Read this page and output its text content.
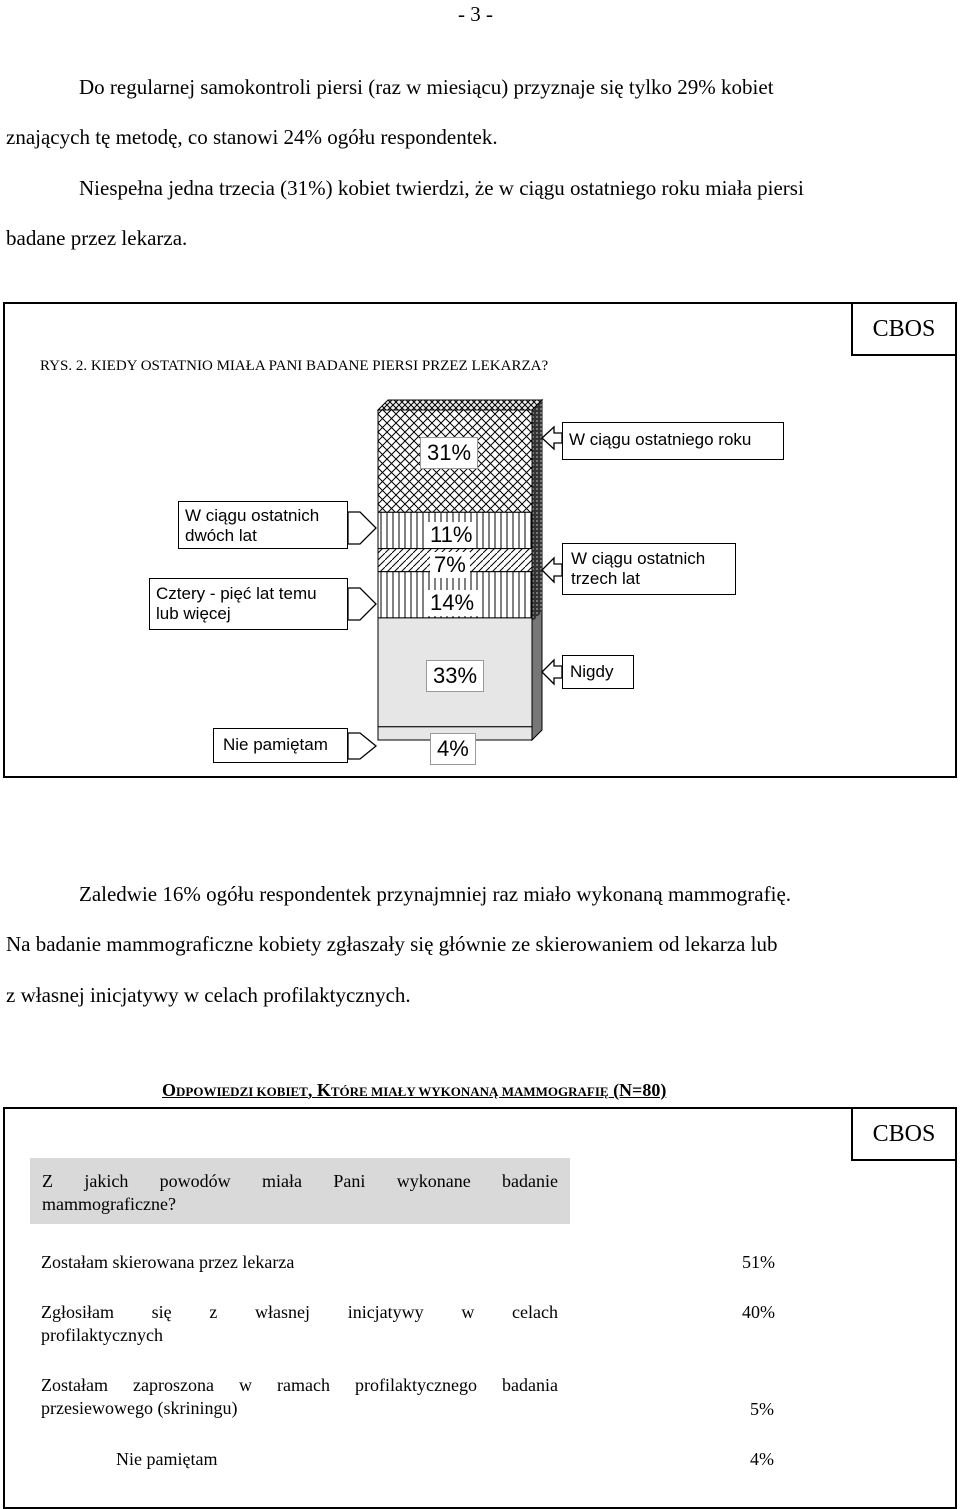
- 3 -
Do regularnej samokontroli piersi (raz w miesiącu) przyznaje się tylko 29% kobiet
znających tę metodę, co stanowi 24% ogółu respondentek.
Niespełna jedna trzecia (31%) kobiet twierdzi, że w ciągu ostatniego roku miała piersi
badane przez lekarza.
CBOS
RYS. 2. KIEDY OSTATNIO MIAŁA PANI BADANE PIERSI PRZEZ LEKARZA?
31%
11%
7%
14%
33%
4%
W ciągu ostatniego roku
W ciągu ostatnich
dwóch lat
Cztery - pięć lat temu
lub więcej
W ciągu ostatnich
trzech lat
Nigdy
Nie pamiętam
Zaledwie 16% ogółu respondentek przynajmniej raz miało wykonaną mammografię.
Na badanie mammograficzne kobiety zgłaszały się głównie ze skierowaniem od lekarza lub
z własnej inicjatywy w celach profilaktycznych.
ODPOWIEDZI KOBIET, KTÓRE MIAŁY WYKONANĄ MAMMOGRAFIĘ (N=80)
CBOS
Z jakich powodów miała Pani wykonane badanie
mammograficzne?
Zostałam skierowana przez lekarza	51%
Zgłosiłam się z własnej inicjatywy w celach
profilaktycznych
40%
Zostałam zaproszona w ramach profilaktycznego badania
przesiewowego (skriningu)	5%
Nie pamiętam	4%
